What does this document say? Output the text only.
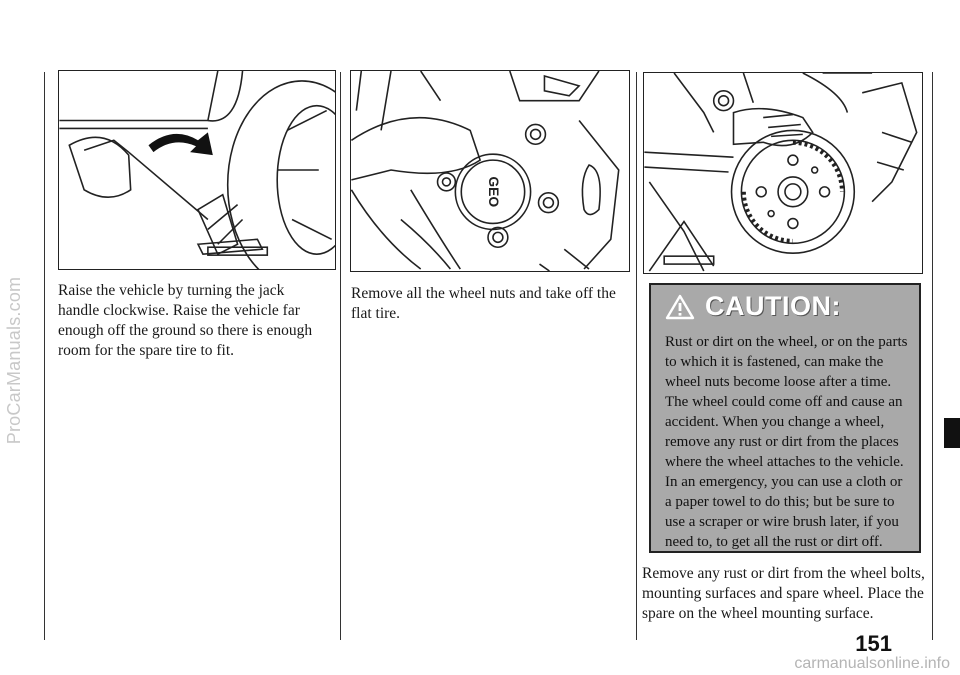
ProCarManuals.com
GEO
Raise the vehicle by turning the jack handle clockwise. Raise the vehicle far enough off the ground so there is enough room for the spare tire to fit.
Remove all the wheel nuts and take off the flat tire.	CAUTION:
Rust or dirt on the wheel, or on the parts to which it is fastened, can make the wheel nuts become loose after a time. The wheel could come off and cause an accident. When you change a wheel, remove any rust or dirt from the places where the wheel attaches to the vehicle. In an emergency, you can use a cloth or a paper towel to do this; but be sure to use a scraper or wire brush later, if you need to, to get all the rust or dirt off.
Remove any rust or dirt from the wheel bolts, mounting surfaces and spare wheel. Place the spare on the wheel mounting surface.
151
carmanualsonline.info
